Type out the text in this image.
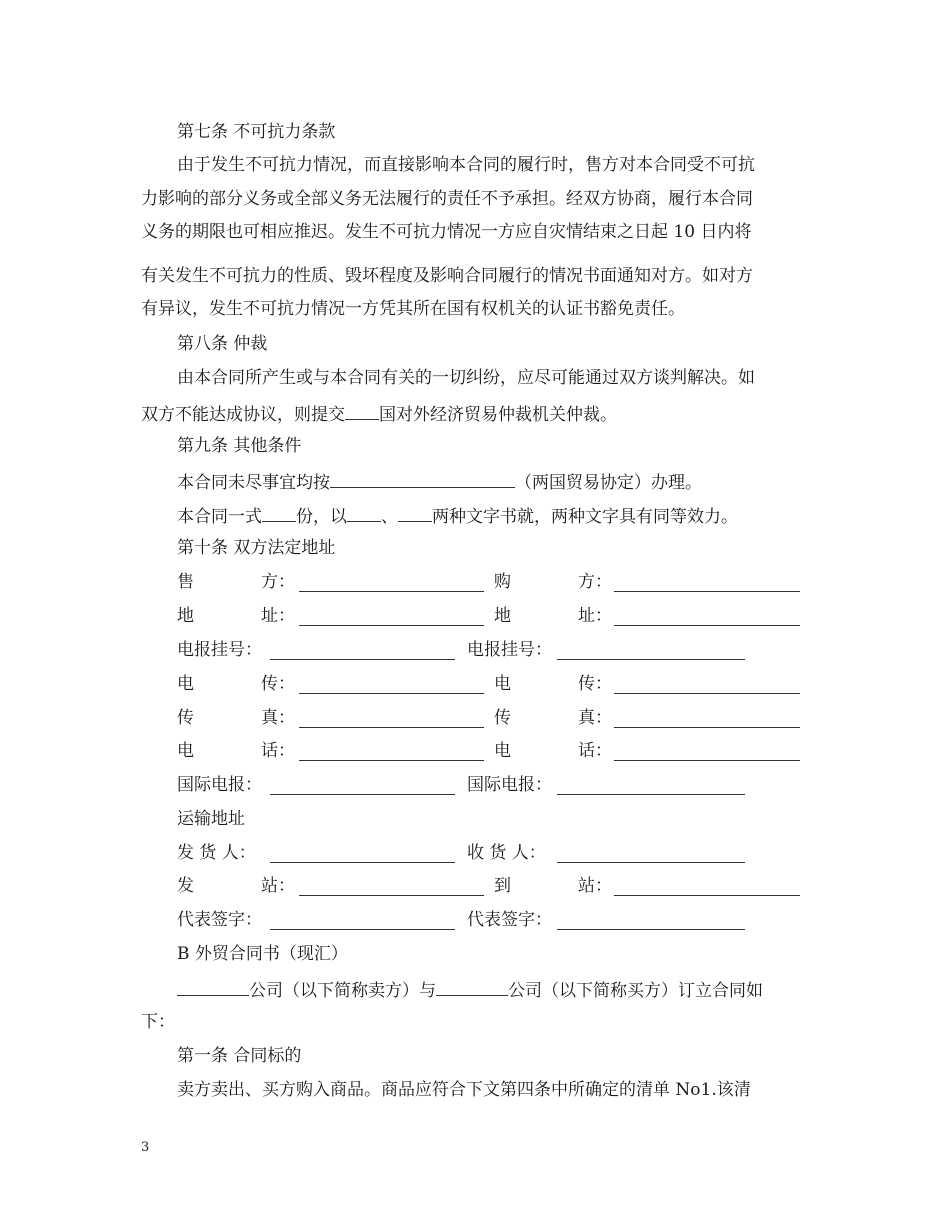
第七条 不可抗力条款
由于发生不可抗力情况，而直接影响本合同的履行时，售方对本合同受不可抗
力影响的部分义务或全部义务无法履行的责任不予承担。经双方协商，履行本合同
义务的期限也可相应推迟。发生不可抗力情况一方应自灾情结束之日起 10 日内将
有关发生不可抗力的性质、毁坏程度及影响合同履行的情况书面通知对方。如对方
有异议，发生不可抗力情况一方凭其所在国有权机关的认证书豁免责任。
第八条 仲裁
由本合同所产生或与本合同有关的一切纠纷，应尽可能通过双方谈判解决。如
双方不能达成协议，则提交 国对外经济贸易仲裁机关仲裁。
第九条 其他条件
本合同未尽事宜均按	（两国贸易协定）办理。
本合同一式 份，以 、 两种文字书就，两种文字具有同等效力。
第十条 双方法定地址
售	方：	购	方：
地	址：	地	址：
电报挂号：	电报挂号：
电	传：	电	传：
传	真：	传	真：
电	话：	电	话：
国际电报：	国际电报：
运输地址
发 货 人：	收 货 人：
发	站：	到	站：
代表签字：	代表签字：
B 外贸合同书（现汇）
公司（以下简称卖方）与	公司（以下简称买方）订立合同如
下：
第一条 合同标的
卖方卖出、买方购入商品。商品应符合下文第四条中所确定的清单 No1.该清
3
